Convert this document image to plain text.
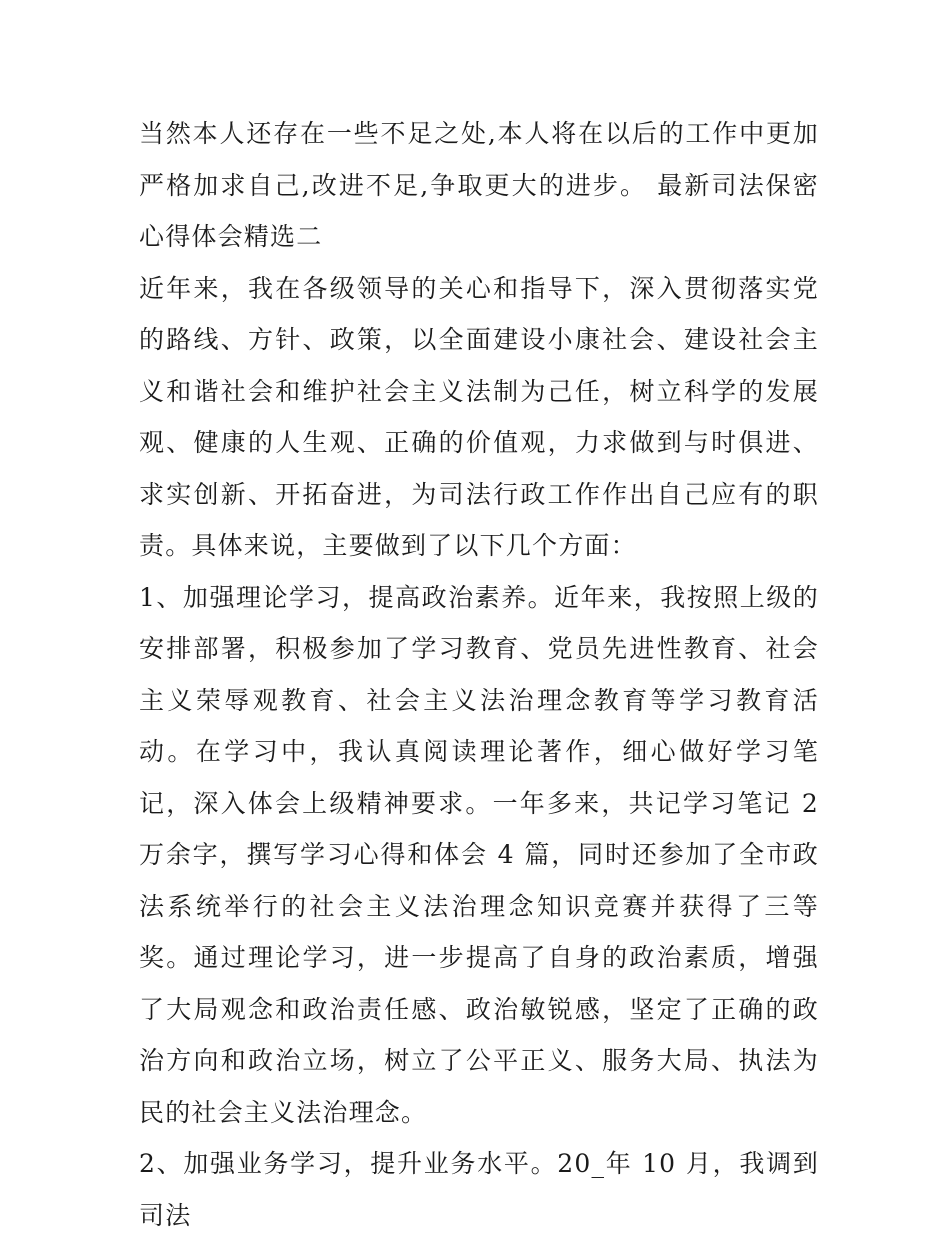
当然本人还存在一些不足之处,本人将在以后的工作中更加严格加求自己,改进不足,争取更大的进步。 最新司法保密心得体会精选二

近年来，我在各级领导的关心和指导下，深入贯彻落实党的路线、方针、政策，以全面建设小康社会、建设社会主义和谐社会和维护社会主义法制为己任，树立科学的发展观、健康的人生观、正确的价值观，力求做到与时俱进、求实创新、开拓奋进，为司法行政工作作出自己应有的职责。具体来说，主要做到了以下几个方面：

1、加强理论学习，提高政治素养。近年来，我按照上级的安排部署，积极参加了学习教育、党员先进性教育、社会主义荣辱观教育、社会主义法治理念教育等学习教育活动。在学习中，我认真阅读理论著作，细心做好学习笔记，深入体会上级精神要求。一年多来，共记学习笔记 2 万余字，撰写学习心得和体会 4 篇，同时还参加了全市政法系统举行的社会主义法治理念知识竞赛并获得了三等奖。通过理论学习，进一步提高了自身的政治素质，增强了大局观念和政治责任感、政治敏锐感，坚定了正确的政治方向和政治立场，树立了公平正义、服务大局、执法为民的社会主义法治理念。

2、加强业务学习，提升业务水平。20_年 10 月，我调到司法
